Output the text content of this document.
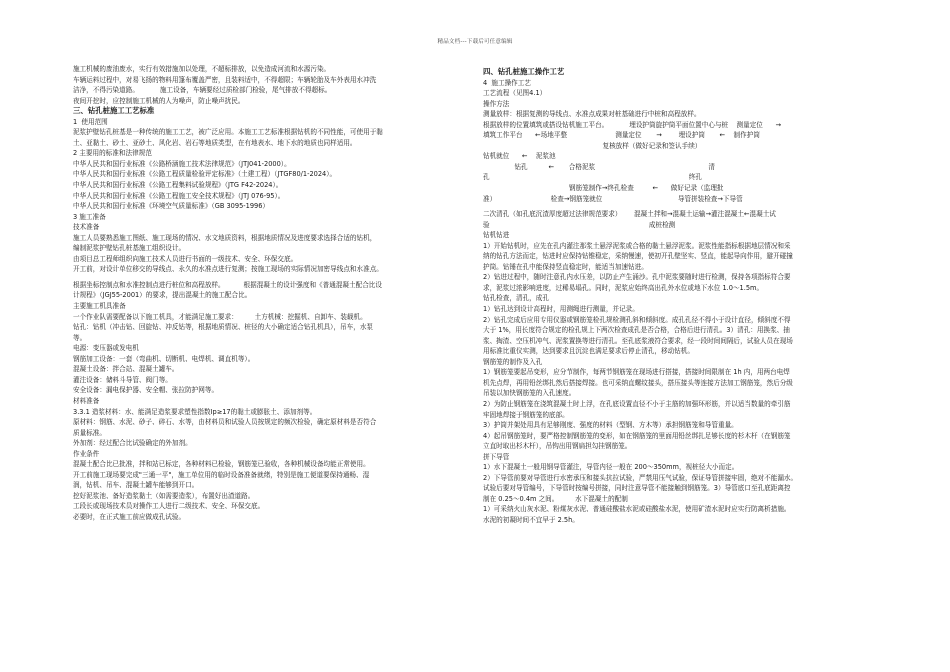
精品文档---下载后可任意编辑
施工机械的废油废水，实行有效措施加以处理，不超标排放，以免造成河流和水源污染。
车辆运料过程中，对易飞扬的物料用篷布覆盖严密，且装料适中，不得超限；车辆轮胎及车外表用水冲洗
洁净，不得污染道路。          施工设备，车辆要经过质检部门检验，尾气排放不得超标。
夜间开挖时，应控制施工机械的人为噪声，防止噪声扰民。
三、钻孔桩施工工艺标准
1  使用范围
泥浆护壁钻孔桩基是一种传统的施工工艺，被广泛应用。本施工工艺标准根据钻机的不同性能，可使用于黏
土、亚黏土、砂土、亚砂土、风化岩、岩石等地质类型，在有地表水、地下水的地质也同样适用。
2 主要用的标准和法律规范
中华人民共和国行业标准《公路桥涵施工技术法律规范》（JTJ041-2000）。
中华人民共和国行业标准《公路工程质量检验评定标准》（土建工程）（JTGF80/1-2024）。
中华人民共和国行业标准《公路工程集料试验规程》（JTG F42-2024）。
中华人民共和国行业标准《公路工程施工安全技术规程》（JTJ 076-95）。
中华人民共和国行业标准《环境空气质量标准》（GB 3095-1996）
3 施工准备
技术准备
施工人员要熟悉施工图纸、施工现场的情况、水文地质资料，根据地质情况及进度要求选择合适的钻机，
编制泥浆护壁钻孔桩基施工组织设计。
由项目总工程师组织向施工技术人员进行书面的一级技术、安全、环保交底。
开工前，对设计单位移交的导线点、永久的水准点进行复测；按施工现场的实际情况加密导线点和水准点。
根据坐标控制点和水准控制点进行桩位和高程放样。         根据混凝土的设计强度和《普通混凝土配合比设
计规程》（JGJ55-2001）的要求，提出混凝土的施工配合比。
主要施工机具准备
一个作业队需要配备以下施工机具，才能满足施工要求：        土方机械：挖掘机、自卸车、装载机。
钻孔：钻机（冲击钻、回旋钻、冲反钻等，根据地质情况、桩径的大小确定适合钻孔机具），吊车，水泵
等。
电源：变压器或发电机
钢筋加工设备：一套（弯曲机、切断机、电焊机、调直机等）。
混凝土设备：拌合站、混凝土罐车。
灌注设备：储料斗导管、阀门等。
安全设备：漏电保护器、安全帽、张拉防护网等。
材料准备
3.3.1 造浆材料：水、能满足造浆要求塑性指数Ip≥17的黏土或膨胀土、添加剂等。
原材料：钢筋、水泥、砂子、碎石、水等，由材料员和试验人员按规定的频次检验，确定原材料是否符合
质量标准。
外加剂：经过配合比试验确定的外加剂。
作业条件
混凝土配合比已批准，拌和站已标定，各种材料已检验，钢筋笼已验收，各种机械设备均能正常使用。
开工前施工现场要完成"三通一平"，施工单位用的临时设备准备就绪，特别是施工便道要保持通畅、湿
润，钻机、吊车、混凝土罐车能够到开口。
挖好泥浆池、备好造浆黏土（如需要造浆），布置好出渣道路。
工段长或现场技术员对操作工人进行二级技术、安全、环保交底。
必要时，在正式施工前应做成孔试验。
四、钻孔桩施工操作工艺
4  施工操作工艺
工艺流程（见图4.1）
操作方法
测量放样：根据复测的导线点、水准点成果对桩基础进行中桩和高程放样。
根据放样的位置填筑或搭设钻机施工平台。          埋设护筒旋护筒平面位置中心与桩    测量定位      →
填筑工作平台      ←场地平整                       测量定位       →        埋设护筒       ←    制作护筒
复核放样（做好记录和签认手续）
钻机就位      ←    泥浆池
钻孔          ←       合格泥浆                                                      清
孔                                                                                               终孔
钢筋笼制作→终孔检查         ←      做好记录（监理批
准）                          检查→钢筋笼就位                                    导管拼装检查→下导管
二次清孔（如孔底沉渣厚度超过法律规范要求）      混凝土拌和→混凝土运输→灌注混凝土←混凝土试
验                                                                            成桩检测
钻机钻进
1）开始钻机时，应先在孔内灌注那浆土悬浮泥浆或合格的黏土悬浮泥浆。泥浆性能指标根据地层情况和采
纳的钻孔方法而定，钻进时应保持钻锥稳定，采纳慢速，使初开孔壁坚实、竖直，能起导向作用，避开碰撞
护筒。钻锤在孔中能保持竖直稳定时，能适当加速钻进。
2）钻进过程中，随时注意孔内水压差，以防止产生涌沙。孔中泥浆要随时进行检测，保持各项指标符合要
求，泥浆过浓影响进度，过稀易塌孔。同时，泥浆应始终高出孔外水位或地下水位 1.0～1.5m。
钻孔检查，清孔，成孔
1）钻孔达到设计高程时，用测绳进行测量，并记录。
2）钻孔完成后应用专用仪器或钢筋笼检孔规检测孔斜和倾斜度。成孔孔径不得小于设计直径，倾斜度不得
大于 1%，用长度符合规定的检孔规上下两次检查成孔是否合格，合格后进行清孔。3）清孔：用换浆、抽
浆、掏渣、空压机冲气、泥浆置换等进行清孔。至孔底浆液符合要求，经一段时间间隔后，试验人员在现场
用标准比重仪实测，达到要求且沉淀也满足要求后停止清孔，移动钻机。
钢筋笼的制作及入孔
1）钢筋笼要起吊变形，应分节制作，每两节钢筋笼在现场进行搭接，搭接时间限制在 1h 内，用两台电焊
机先点焊，再用铅丝绑扎然后搭接焊接。也可采纳直螺纹接头，搭压接头等连接方法加工钢筋笼，然后分级
吊装以加快钢筋笼的入孔速度。
2）为防止钢筋笼在浇筑混凝土时上浮，在孔底设置直径不小于主筋的加强环形筋，并以适当数量的牵引筋
牢固地焊接于钢筋笼的底部。
3）护筒并架处用具有足够刚度、强度的材料（型钢、方木等）承担钢筋笼和导管重量。
4）起吊钢筋笼时，要严格控制钢筋笼的变形，如在钢筋笼的里面用铅丝绑扎足够长度的杉木杆（在钢筋笼
立直时取出杉木杆），吊钩出用钢扁担勾挂钢筋笼。
拼下导管
1）水下混凝土一般用钢导管灌注，导管内径一般在 200～350mm，视桩径大小而定。
2）下导管前要对导管进行水密承压和接头抗拉试验，严禁用压气试验，保证导管拼接牢固，绝对不能漏水。
试验后要对导管编号，下导管时按编号拼接，同时注意导管不能接触到钢筋笼。3）导管底口至孔底距离控
制在 0.25～0.4m 之间。        水下混凝土的配制
1）可采纳火山灰水泥、粉煤灰水泥、普通硅酸盐水泥或硅酸盐水泥，使用矿渣水泥时应实行防离析措施。
水泥的初凝时间不宜早于 2.5h。
